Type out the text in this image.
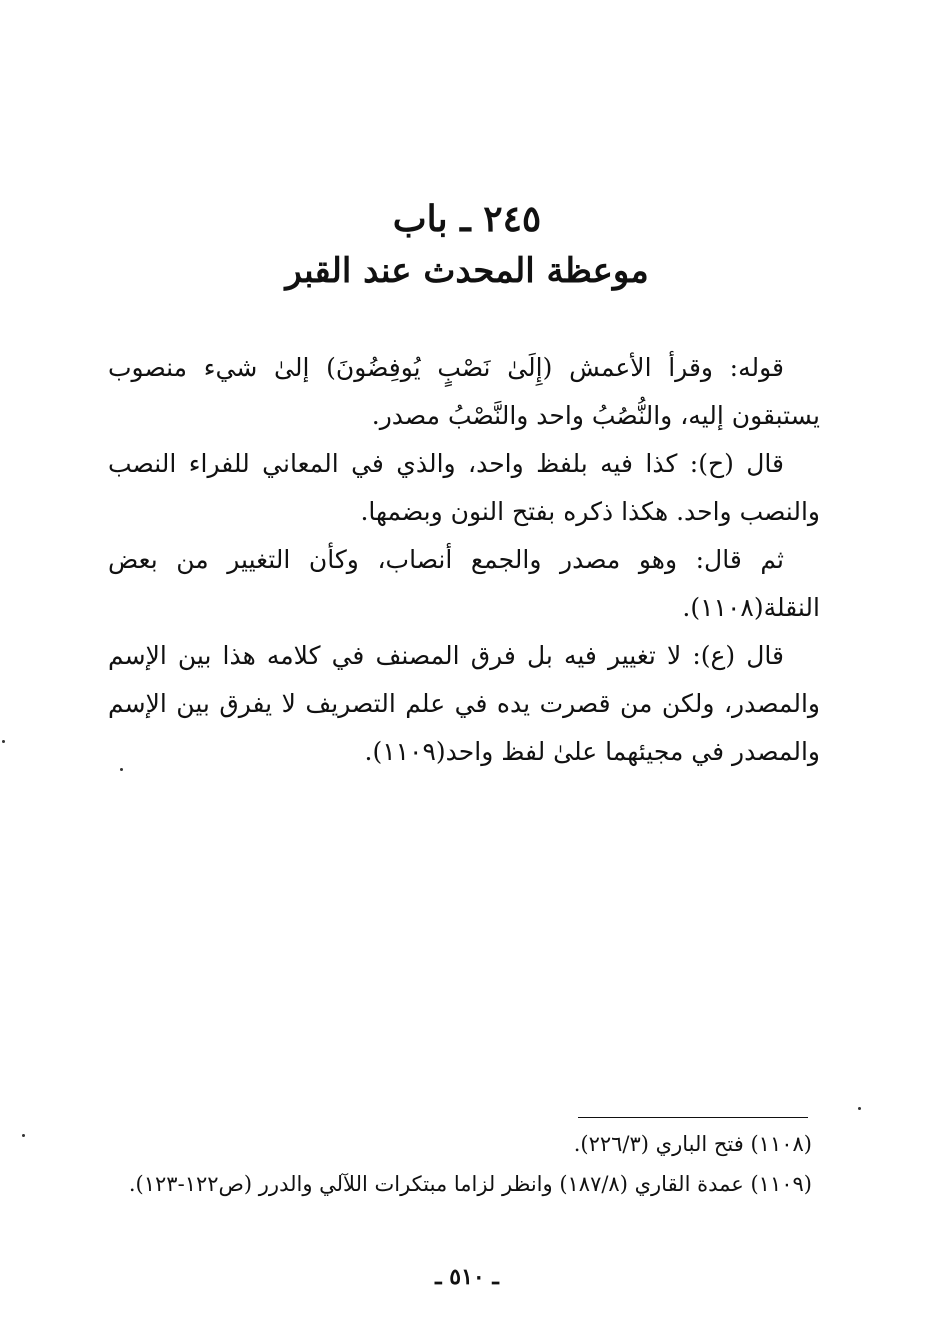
٢٤٥ ـ باب
موعظة المحدث عند القبر

قوله: وقرأ الأعمش (إِلَىٰ نَصْبٍ يُوفِضُونَ) إلىٰ شيء منصوب يستبقون إليه، والنُّصُبُ واحد والنَّصْبُ مصدر.

قال (ح): كذا فيه بلفظ واحد، والذي في المعاني للفراء النصب والنصب واحد. هكذا ذكره بفتح النون وبضمها.

ثم قال: وهو مصدر والجمع أنصاب، وكأن التغيير من بعض النقلة(١١٠٨).

قال (ع): لا تغيير فيه بل فرق المصنف في كلامه هذا بين الإسم والمصدر، ولكن من قصرت يده في علم التصريف لا يفرق بين الإسم والمصدر في مجيئهما علىٰ لفظ واحد(١١٠٩).

(١١٠٨) فتح الباري (٢٢٦/٣).

(١١٠٩) عمدة القاري (١٨٧/٨) وانظر لزاما مبتكرات اللآلي والدرر (ص١٢٢-١٢٣).

ـ ٥١٠ ـ
